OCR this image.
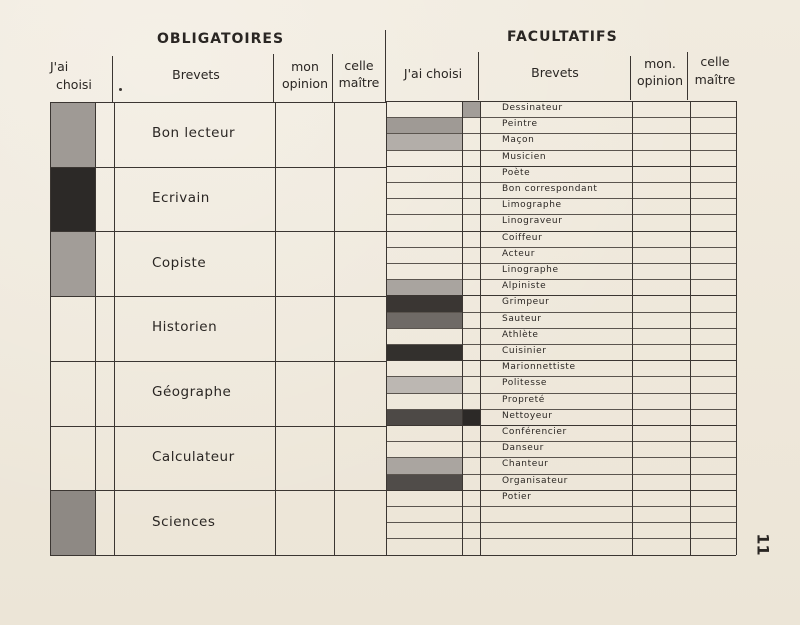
OBLIGATOIRES	FACULTATIFS
J'ai
choisi
Brevets
mon
opinion
celle
maître
J'ai choisi	Brevets
mon.
opinion
celle
maître
Bon lecteur
Ecrivain
Copiste
Historien
Géographe
Calculateur
Sciences
Dessinateur
Peintre
Maçon
Musicien
Poète
Bon correspondant
Limographe
Linograveur
Coiffeur
Acteur
Linographe
Alpiniste
Grimpeur
Sauteur
Athlète
Cuisinier
Marionnettiste
Politesse
Propreté
Nettoyeur
Conférencier
Danseur
Chanteur
Organisateur
Potier
11
